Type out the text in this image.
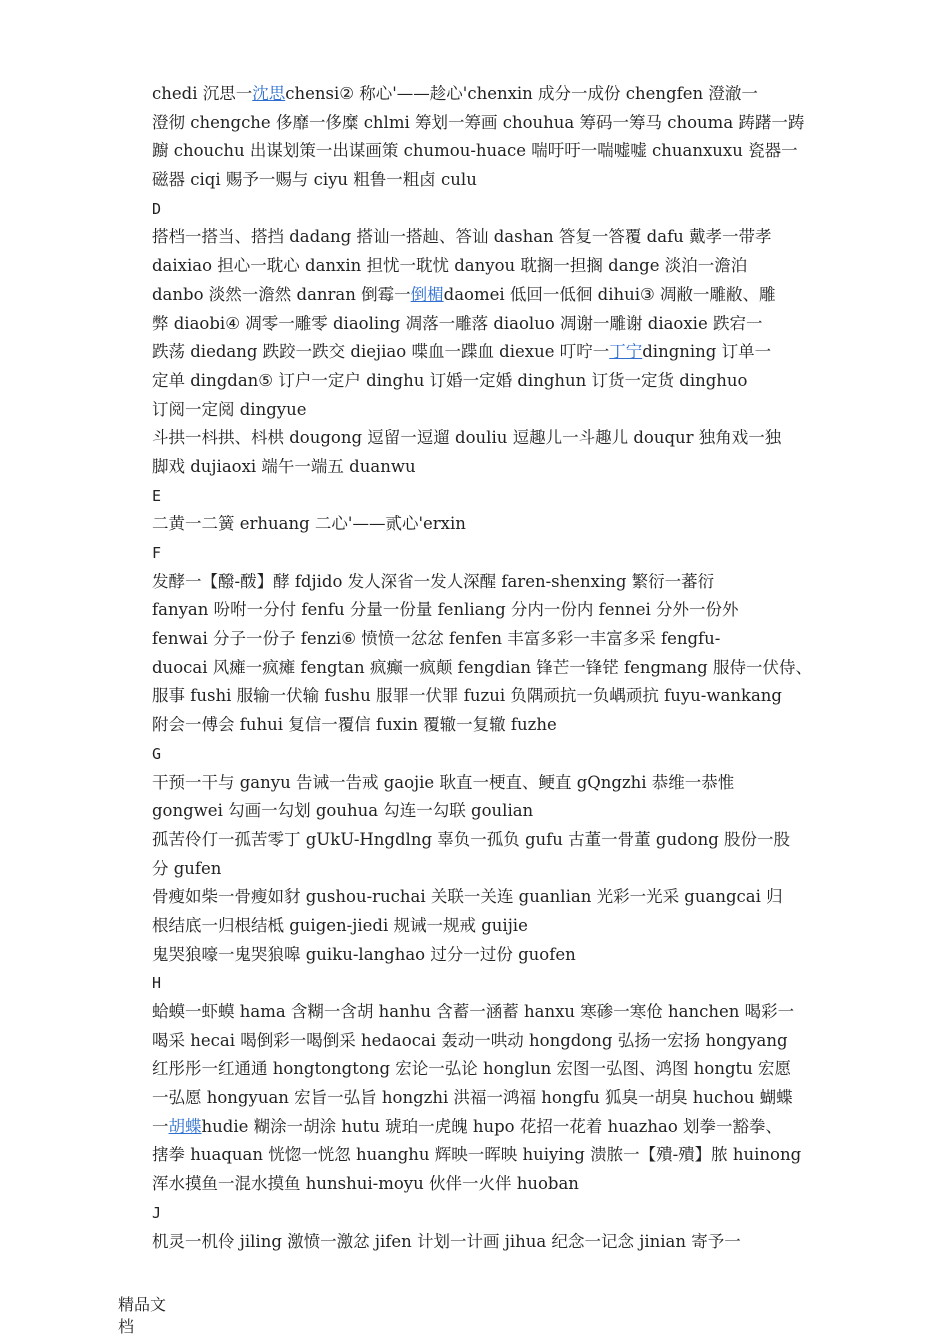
chedi 沉思一沈思chensi② 称心'——趁心'chenxin 成分一成份 chengfen 澄澈一
澄彻 chengche 侈靡一侈糜 chlmi 筹划一筹画 chouhua 筹码一筹马 chouma 踌躇一踌
躕 chouchu 出谋划策一出谋画策 chumou-huace 喘吁吁一喘嘘嘘 chuanxuxu 瓷器一
磁器 ciqi 赐予一赐与 ciyu 粗鲁一粗卤 culu
D
搭档一搭当、搭挡 dadang 搭讪一搭赸、答讪 dashan 答复一答覆 dafu 戴孝一带孝
daixiao 担心一耽心 danxin 担忧一耽忧 danyou 耽搁一担搁 dange 淡泊一澹泊
danbo 淡然一澹然 danran 倒霉一倒楣daomei 低回一低徊 dihui③ 凋敝一雕敝、雕
弊 diaobi④ 凋零一雕零 diaoling 凋落一雕落 diaoluo 凋谢一雕谢 diaoxie 跌宕一
跌荡 diedang 跌跤一跌交 diejiao 喋血一蹀血 diexue 叮咛一丁宁dingning 订单一
定单 dingdan⑤ 订户一定户 dinghu 订婚一定婚 dinghun 订货一定货 dinghuo
订阅一定阅 dingyue
斗拱一枓拱、枓栱 dougong 逗留一逗遛 douliu 逗趣儿一斗趣儿 douqur 独角戏一独
脚戏 dujiaoxi 端午一端五 duanwu
E
二黄一二簧 erhuang 二心'——贰心'erxin
F
发酵一【醱-酦】酵 fdjido 发人深省一发人深醒 faren-shenxing 繁衍一蕃衍
fanyan 吩咐一分付 fenfu 分量一份量 fenliang 分内一份内 fennei 分外一份外
fenwai 分子一份子 fenzi⑥ 愤愤一忿忿 fenfen 丰富多彩一丰富多采 fengfu-
duocai 风瘫一疯瘫 fengtan 疯癫一疯颠 fengdian 锋芒一锋铓 fengmang 服侍一伏侍、
服事 fushi 服输一伏输 fushu 服罪一伏罪 fuzui 负隅顽抗一负嵎顽抗 fuyu-wankang
附会一傅会 fuhui 复信一覆信 fuxin 覆辙一复辙 fuzhe
G
干预一干与 ganyu 告诫一告戒 gaojie 耿直一梗直、鲠直 gQngzhi 恭维一恭惟
gongwei 勾画一勾划 gouhua 勾连一勾联 goulian
孤苦伶仃一孤苦零丁 gUkU-Hngdlng 辜负一孤负 gufu 古董一骨董 gudong 股份一股
分 gufen
骨瘦如柴一骨瘦如豺 gushou-ruchai 关联一关连 guanlian 光彩一光采 guangcai 归
根结底一归根结柢 guigen-jiedi 规诫一规戒 guijie
鬼哭狼嚎一鬼哭狼嗥 guiku-langhao 过分一过份 guofen
H
蛤蟆一虾蟆 hama 含糊一含胡 hanhu 含蓄一涵蓄 hanxu 寒碜一寒伧 hanchen 喝彩一
喝采 hecai 喝倒彩一喝倒采 hedaocai 轰动一哄动 hongdong 弘扬一宏扬 hongyang
红彤彤一红通通 hongtongtong 宏论一弘论 honglun 宏图一弘图、鸿图 hongtu 宏愿
一弘愿 hongyuan 宏旨一弘旨 hongzhi 洪福一鸿福 hongfu 狐臭一胡臭 huchou 蝴蝶
一胡蝶hudie 糊涂一胡涂 hutu 琥珀一虎魄 hupo 花招一花着 huazhao 划拳一豁拳、
搳拳 huaquan 恍惚一恍忽 huanghu 辉映一晖映 huiying 溃脓一【殨-殨】脓 huinong
浑水摸鱼一混水摸鱼 hunshui-moyu 伙伴一火伴 huoban
J
机灵一机伶 jiling 激愤一激忿 jifen 计划一计画 jihua 纪念一记念 jinian 寄予一
精品文
档
